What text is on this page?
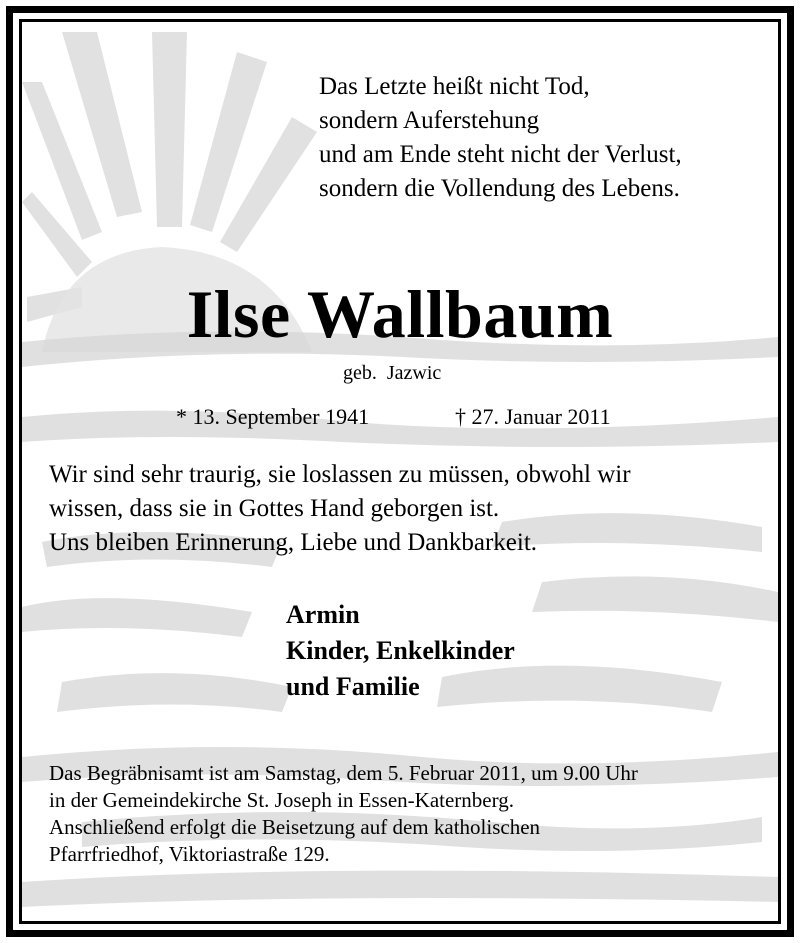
Das Letzte heißt nicht Tod,
sondern Auferstehung
und am Ende steht nicht der Verlust,
sondern die Vollendung des Lebens.
Ilse Wallbaum
geb.  Jazwic
* 13. September 1941	† 27. Januar 2011
Wir sind sehr traurig, sie loslassen zu müssen, obwohl wir
wissen, dass sie in Gottes Hand geborgen ist.
Uns bleiben Erinnerung, Liebe und Dankbarkeit.
Armin
Kinder, Enkelkinder
und Familie
Das Begräbnisamt ist am Samstag, dem 5. Februar 2011, um 9.00 Uhr
in der Gemeindekirche St. Joseph in Essen-Katernberg.
Anschließend erfolgt die Beisetzung auf dem katholischen
Pfarrfriedhof, Viktoriastraße 129.
